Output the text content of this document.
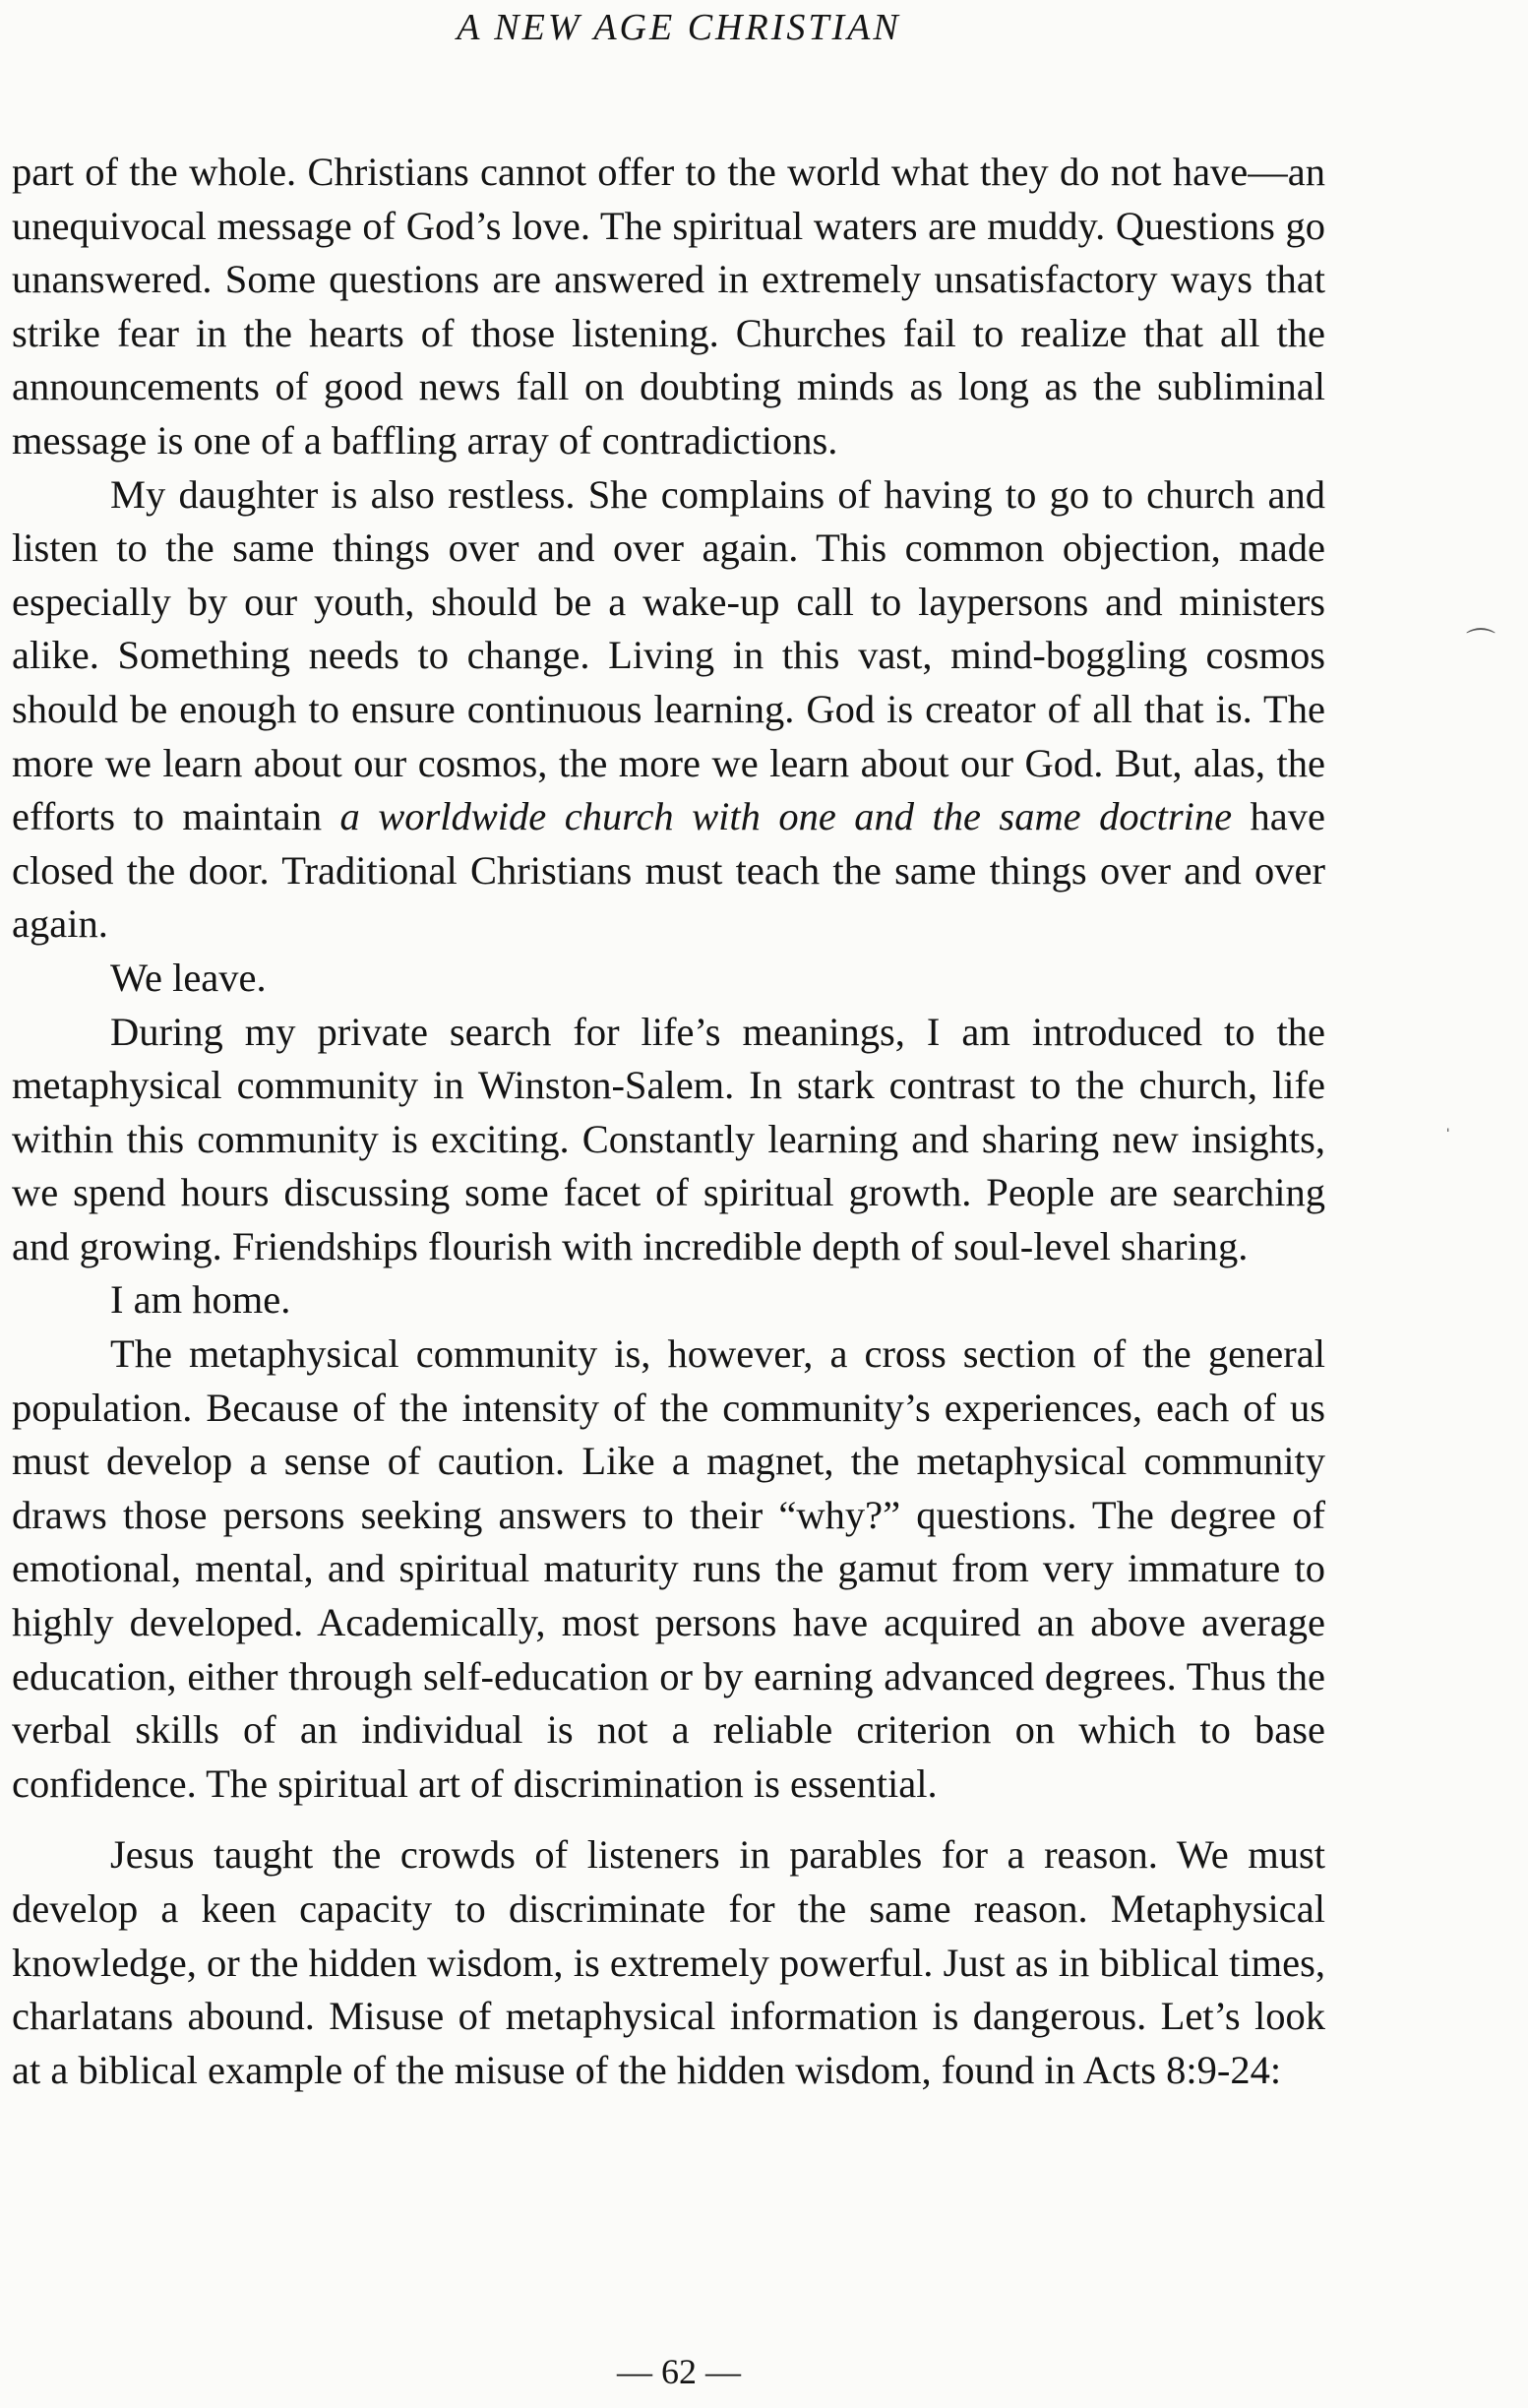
A NEW AGE CHRISTIAN

part of the whole. Christians cannot offer to the world what they do not have—an unequivocal message of God’s love. The spiritual waters are muddy. Questions go unanswered. Some questions are answered in extremely unsatisfactory ways that strike fear in the hearts of those listening. Churches fail to realize that all the announcements of good news fall on doubting minds as long as the subliminal message is one of a baffling array of contradictions.

My daughter is also restless. She complains of having to go to church and listen to the same things over and over again. This common objection, made especially by our youth, should be a wake-up call to laypersons and ministers alike. Something needs to change. Living in this vast, mind-boggling cosmos should be enough to ensure continuous learning. God is creator of all that is. The more we learn about our cosmos, the more we learn about our God. But, alas, the efforts to maintain a worldwide church with one and the same doctrine have closed the door. Traditional Christians must teach the same things over and over again.

We leave.

During my private search for life’s meanings, I am introduced to the metaphysical community in Winston-Salem. In stark contrast to the church, life within this community is exciting. Constantly learning and sharing new insights, we spend hours discussing some facet of spiritual growth. People are searching and growing. Friendships flourish with incredible depth of soul-level sharing.

I am home.

The metaphysical community is, however, a cross section of the general population. Because of the intensity of the community’s experiences, each of us must develop a sense of caution. Like a magnet, the metaphysical community draws those persons seeking answers to their “why?” questions. The degree of emotional, mental, and spiritual maturity runs the gamut from very immature to highly developed. Academically, most persons have acquired an above average education, either through self-education or by earning advanced degrees. Thus the verbal skills of an individual is not a reliable criterion on which to base confidence. The spiritual art of discrimination is essential.

Jesus taught the crowds of listeners in parables for a reason. We must develop a keen capacity to discriminate for the same reason. Metaphysical knowledge, or the hidden wisdom, is extremely powerful. Just as in biblical times, charlatans abound. Misuse of metaphysical information is dangerous. Let’s look at a biblical example of the misuse of the hidden wisdom, found in Acts 8:9-24:

⌒
ˈ
— 62 —
